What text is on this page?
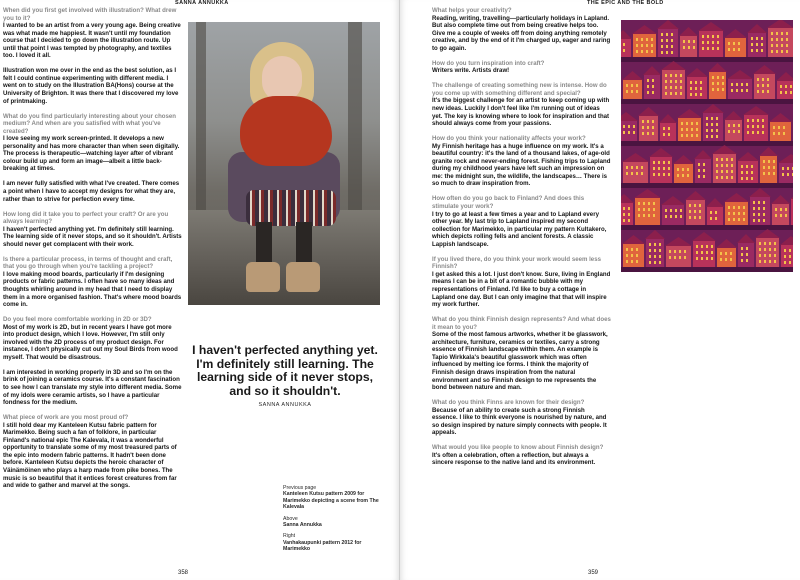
SANNA ANNUKKA
When did you first get involved with illustration? What drew you to it?
I wanted to be an artist from a very young age. Being creative was what made me happiest. It wasn't until my foundation course that I decided to go down the illustration route. Up until that point I was tempted by photography, and textiles too. I loved it all.
Illustration won me over in the end as the best solution, as I felt I could continue experimenting with different media. I went on to study on the Illustration BA(Hons) course at the University of Brighton. It was there that I discovered my love of printmaking.
What do you find particularly interesting about your chosen medium? And when are you satisfied with what you've created?
I love seeing my work screen-printed. It develops a new personality and has more character than when seen digitally. The process is therapeutic—watching layer after of vibrant colour build up and form an image—albeit a little back-breaking at times.
I am never fully satisfied with what I've created. There comes a point when I have to accept my designs for what they are, rather than to strive for perfection every time.
How long did it take you to perfect your craft? Or are you always learning?
I haven't perfected anything yet. I'm definitely still learning. The learning side of it never stops, and so it shouldn't. Artists should never get complacent with their work.
Is there a particular process, in terms of thought and craft, that you go through when you're tackling a project?
I love making mood boards, particularly if I'm designing products or fabric patterns. I often have so many ideas and thoughts whirling around in my head that I need to display them in a more organised fashion. That's where mood boards come in.
Do you feel more comfortable working in 2D or 3D?
Most of my work is 2D, but in recent years I have got more into product design, which I love. However, I'm still only involved with the 2D process of my product design. For instance, I don't physically cut out my Soul Birds from wood myself. That would be disastrous.
I am interested in working properly in 3D and so I'm on the brink of joining a ceramics course. It's a constant fascination to see how I can translate my style into different media. Some of my idols were ceramic artists, so I have a particular fondness for the medium.
What piece of work are you most proud of?
I still hold dear my Kanteleen Kutsu fabric pattern for Marimekko. Being such a fan of folklore, in particular Finland's national epic The Kalevala, it was a wonderful opportunity to translate some of my most treasured parts of the epic into modern fabric patterns. It hadn't been done before. Kanteleen Kutsu depicts the heroic character of Väinämöinen who plays a harp made from pike bones. The music is so beautiful that it entices forest creatures from far and wide to gather and marvel at the songs.
I haven't perfected anything yet. I'm definitely still learning. The learning side of it never stops, and so it shouldn't.
SANNA ANNUKKA
Previous page
Kanteleen Kutsu pattern 2009 for Marimekko depicting a scene from The Kalevala
Above
Sanna Annukka
Right
Vanhakaupunki pattern 2012 for Marimekko
358
THE EPIC AND THE BOLD
What helps your creativity?
Reading, writing, travelling—particularly holidays in Lapland. But also complete time out from being creative helps too. Give me a couple of weeks off from doing anything remotely creative, and by the end of it I'm charged up, eager and raring to go again.
How do you turn inspiration into craft?
Writers write. Artists draw!
The challenge of creating something new is intense. How do you come up with something different and special?
It's the biggest challenge for an artist to keep coming up with new ideas. Luckily I don't feel like I'm running out of ideas yet. The key is knowing where to look for inspiration and that should always come from your passions.
How do you think your nationality affects your work?
My Finnish heritage has a huge influence on my work. It's a beautiful country: it's the land of a thousand lakes, of age-old granite rock and never-ending forest. Fishing trips to Lapland during my childhood years have left such an impression on me: the midnight sun, the wildlife, the landscapes… There is so much to draw inspiration from.
How often do you go back to Finland? And does this stimulate your work?
I try to go at least a few times a year and to Lapland every other year. My last trip to Lapland inspired my second collection for Marimekko, in particular my pattern Kultakero, which depicts rolling fells and ancient forests. A classic Lappish landscape.
If you lived there, do you think your work would seem less Finnish?
I get asked this a lot. I just don't know. Sure, living in England means I can be in a bit of a romantic bubble with my representations of Finland. I'd like to buy a cottage in Lapland one day. But I can only imagine that that will inspire my work further.
What do you think Finnish design represents? And what does it mean to you?
Some of the most famous artworks, whether it be glasswork, architecture, furniture, ceramics or textiles, carry a strong essence of Finnish landscape within them. An example is Tapio Wirkkala's beautiful glasswork which was often influenced by melting ice forms. I think the majority of Finnish design draws inspiration from the natural environment and so Finnish design to me represents the bond between nature and man.
What do you think Finns are known for their design?
Because of an ability to create such a strong Finnish essence. I like to think everyone is nourished by nature, and so design inspired by nature simply connects with people. It appeals.
What would you like people to know about Finnish design?
It's often a celebration, often a reflection, but always a sincere response to the native land and its environment.
359
